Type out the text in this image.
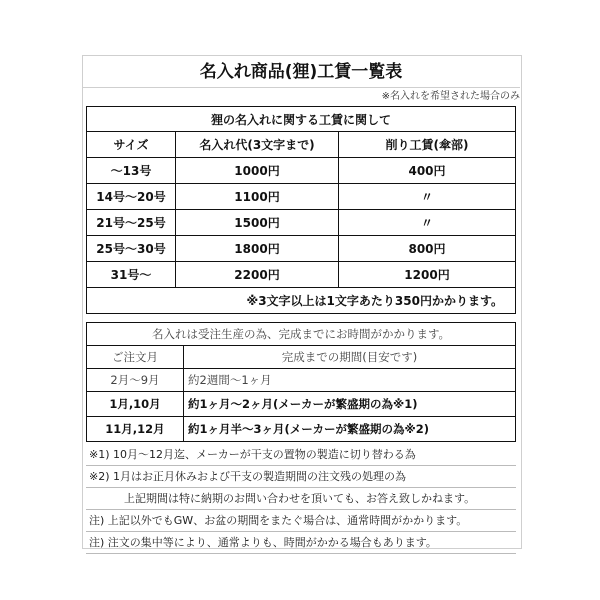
名入れ商品(狸)工賃一覧表
※名入れを希望された場合のみ
狸の名入れに関する工賃に関して		
サイズ	名入れ代(3文字まで)	削り工賃(傘部)
～13号	1000円	400円
14号～20号	1100円	〃
21号～25号	1500円	〃
25号～30号	1800円	800円
31号～	2200円	1200円
※3文字以上は1文字あたり350円かかります。		
名入れは受注生産の為、完成までにお時間がかかります。	
ご注文月	完成までの期間(目安です)
2月～9月	約2週間～1ヶ月
1月,10月	約1ヶ月～2ヶ月(メーカーが繁盛期の為※1)
11月,12月	約1ヶ月半～3ヶ月(メーカーが繁盛期の為※2)
※1) 10月～12月迄、メーカーが干支の置物の製造に切り替わる為
※2) 1月はお正月休みおよび干支の製造期間の注文残の処理の為
上記期間は特に納期のお問い合わせを頂いても、お答え致しかねます。
注) 上記以外でもGW、お盆の期間をまたぐ場合は、通常時間がかかります。
注) 注文の集中等により、通常よりも、時間がかかる場合もあります。
